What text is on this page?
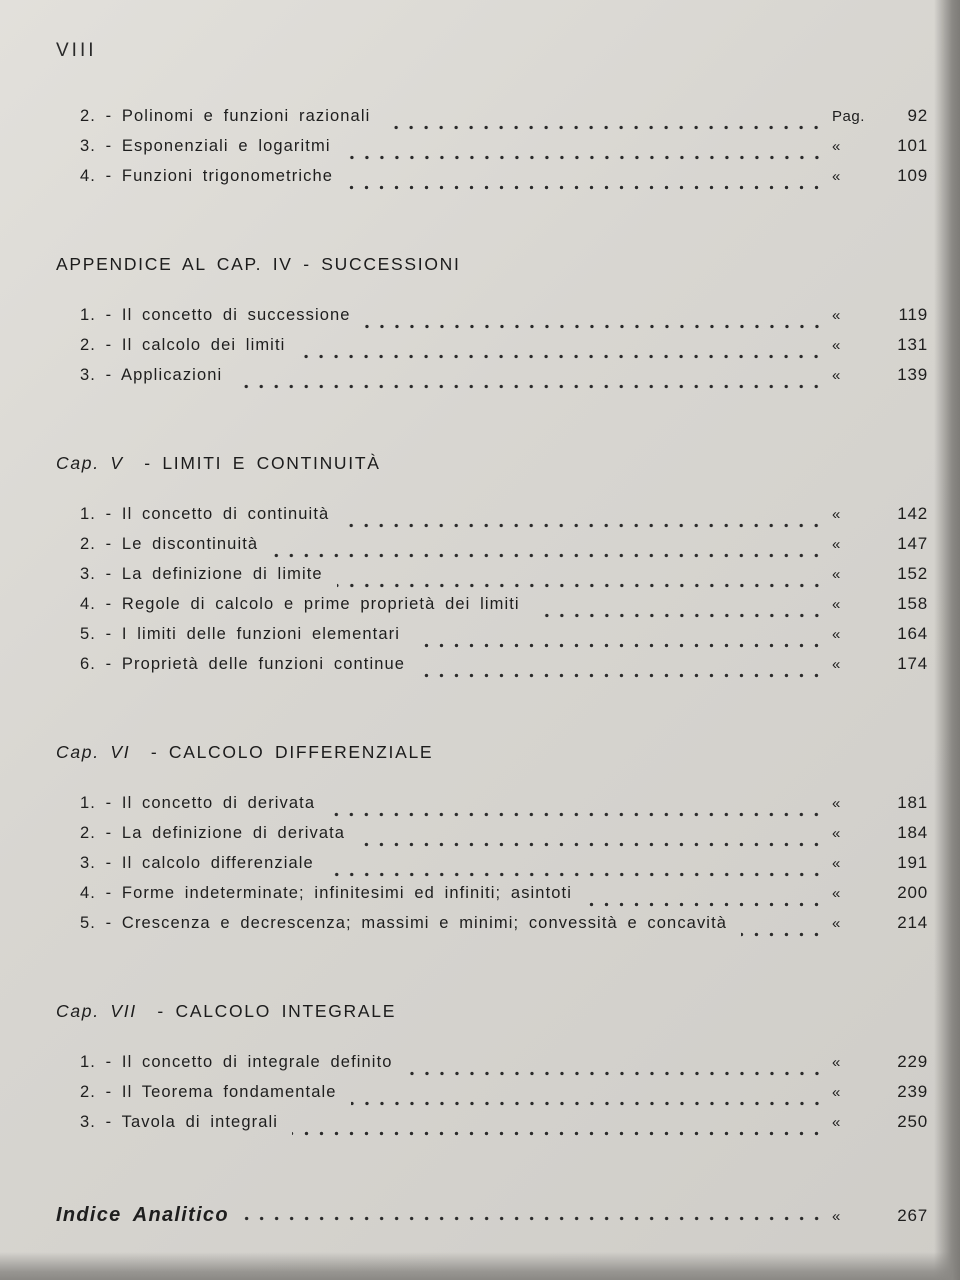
VIII
2. - Polinomi e funzioni razionali	Pag.	92
3. - Esponenziali e logaritmi	«	101
4. - Funzioni trigonometriche	«	109
APPENDICE AL CAP. IV - SUCCESSIONI
1. - Il concetto di successione	«	119
2. - Il calcolo dei limiti	«	131
3. - Applicazioni	«	139
Cap. V - LIMITI E CONTINUITÀ
1. - Il concetto di continuità	«	142
2. - Le discontinuità	«	147
3. - La definizione di limite	«	152
4. - Regole di calcolo e prime proprietà dei limiti	«	158
5. - I limiti delle funzioni elementari	«	164
6. - Proprietà delle funzioni continue	«	174
Cap. VI - CALCOLO DIFFERENZIALE
1. - Il concetto di derivata	«	181
2. - La definizione di derivata	«	184
3. - Il calcolo differenziale	«	191
4. - Forme indeterminate; infinitesimi ed infiniti; asintoti	«	200
5. - Crescenza e decrescenza; massimi e minimi; convessità e concavità	«	214
Cap. VII - CALCOLO INTEGRALE
1. - Il concetto di integrale definito	«	229
2. - Il Teorema fondamentale	«	239
3. - Tavola di integrali	«	250
Indice Analitico	«	267
